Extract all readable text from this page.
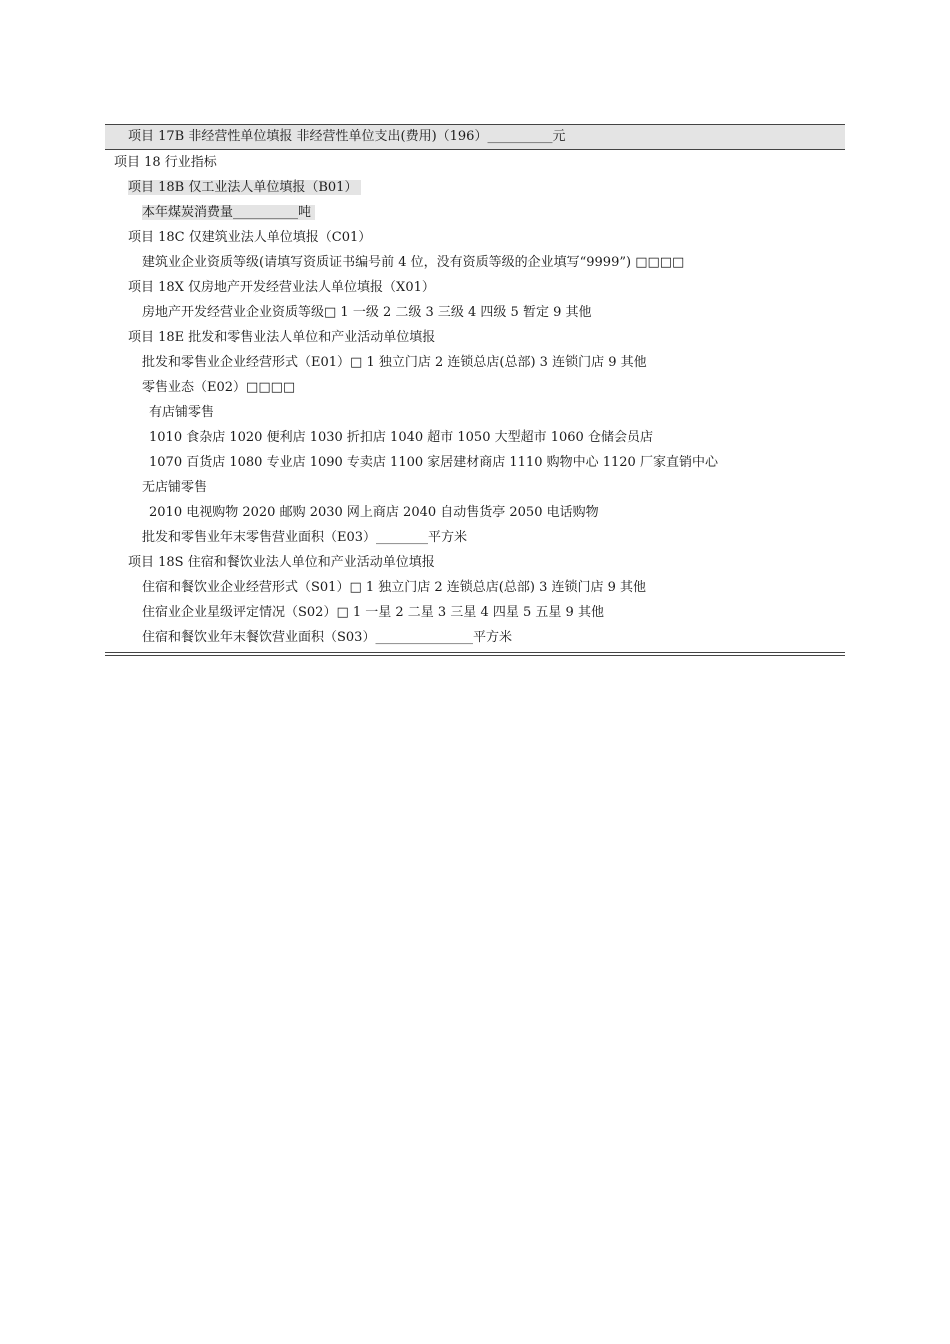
项目 17B 非经营性单位填报 非经营性单位支出(费用)（196）__________元
项目 18 行业指标
项目 18B 仅工业法人单位填报（B01）
本年煤炭消费量__________吨
项目 18C 仅建筑业法人单位填报（C01）
建筑业企业资质等级(请填写资质证书编号前 4 位，没有资质等级的企业填写“9999”) □□□□
项目 18X 仅房地产开发经营业法人单位填报（X01）
房地产开发经营业企业资质等级□ 1 一级 2 二级 3 三级 4 四级 5 暂定 9 其他
项目 18E 批发和零售业法人单位和产业活动单位填报
批发和零售业企业经营形式（E01）□ 1 独立门店 2 连锁总店(总部) 3 连锁门店 9 其他
零售业态（E02）□□□□
有店铺零售
1010 食杂店 1020 便利店 1030 折扣店 1040 超市 1050 大型超市 1060 仓储会员店
1070 百货店 1080 专业店 1090 专卖店 1100 家居建材商店 1110 购物中心 1120 厂家直销中心
无店铺零售
2010 电视购物 2020 邮购 2030 网上商店 2040 自动售货亭 2050 电话购物
批发和零售业年末零售营业面积（E03）________平方米
项目 18S 住宿和餐饮业法人单位和产业活动单位填报
住宿和餐饮业企业经营形式（S01）□ 1 独立门店 2 连锁总店(总部) 3 连锁门店 9 其他
住宿业企业星级评定情况（S02）□ 1 一星 2 二星 3 三星 4 四星 5 五星 9 其他
住宿和餐饮业年末餐饮营业面积（S03）_______________平方米
